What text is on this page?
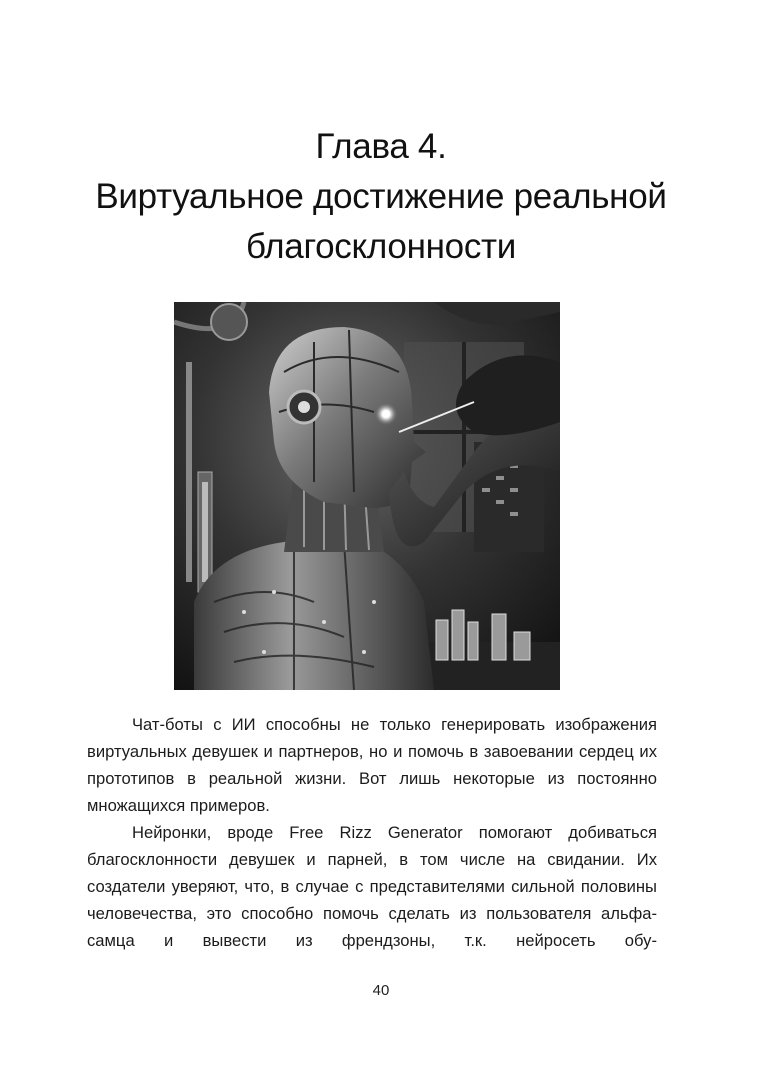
Глава 4.
Виртуальное достижение реальной
благосклонности

Чат-боты с ИИ способны не только генерировать изображения виртуальных девушек и партнеров, но и помочь в завоевании сердец их прототипов в реальной жизни. Вот лишь некоторые из постоянно множащихся примеров.

Нейронки, вроде Free Rizz Generator помогают добиваться благосклонности девушек и парней, в том числе на свидании. Их создатели уверяют, что, в случае с представителями сильной половины человечества, это способно помочь сделать из пользователя альфа-самца и вывести из френдзоны, т.к. нейросеть обу-

40
